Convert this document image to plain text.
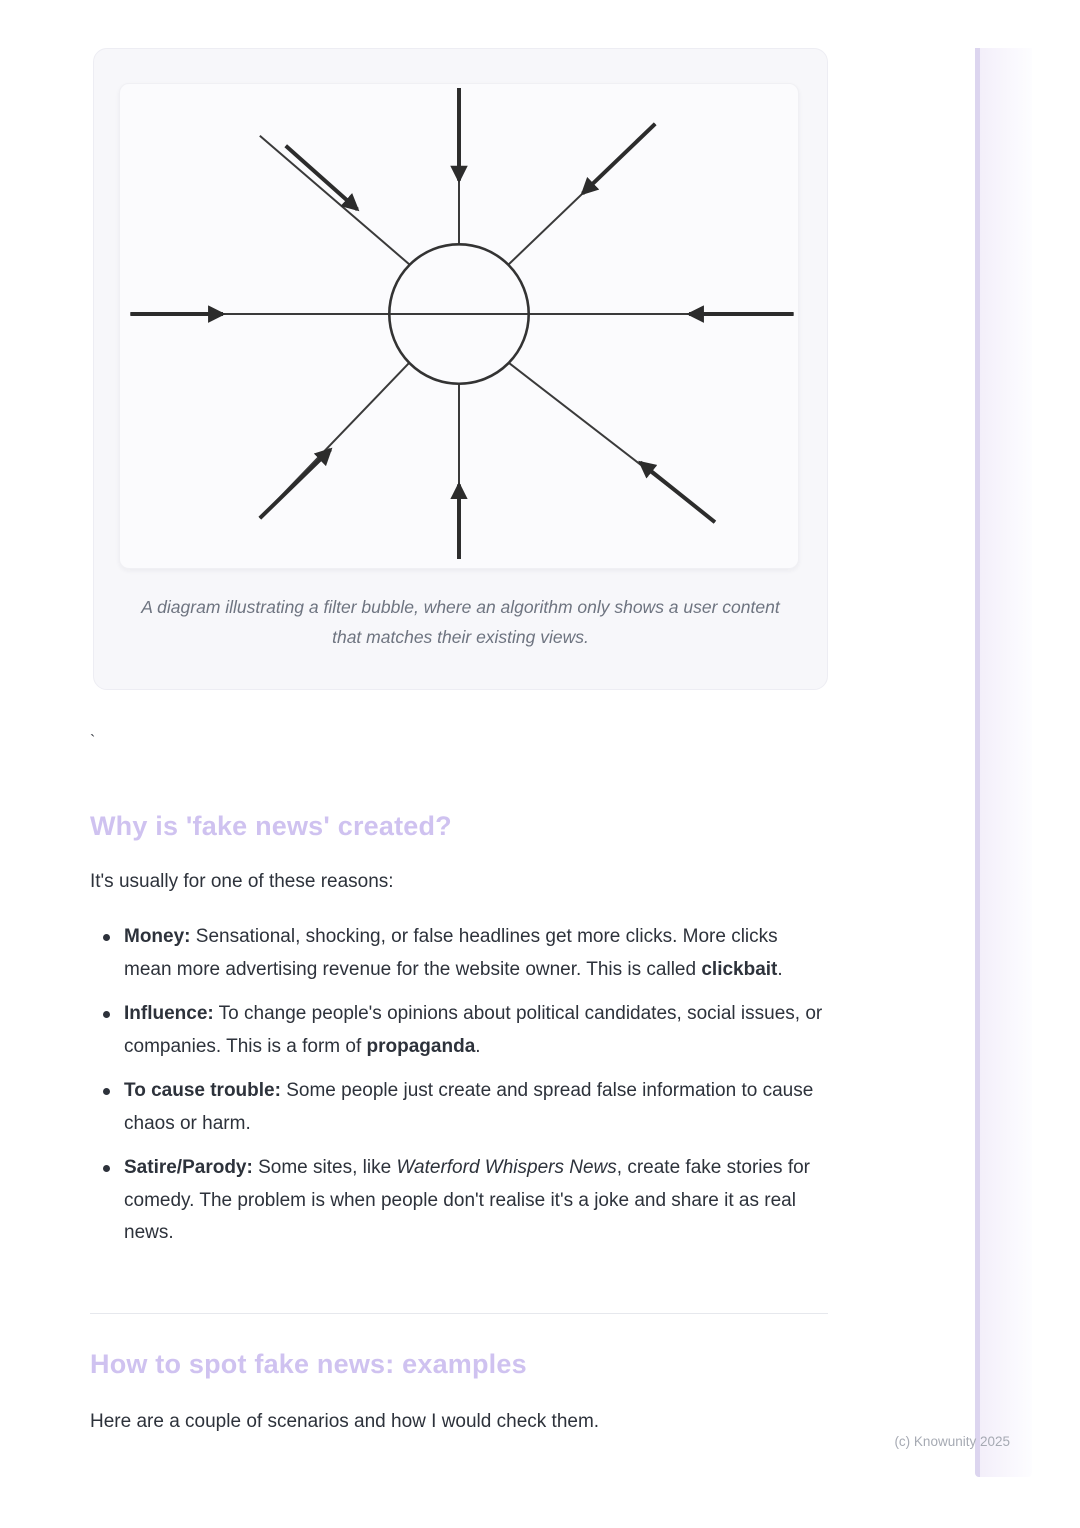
A diagram illustrating a filter bubble, where an algorithm only shows a user content that matches their existing views.
`
Why is 'fake news' created?

It's usually for one of these reasons:

Money: Sensational, shocking, or false headlines get more clicks. More clicks mean more advertising revenue for the website owner. This is called clickbait.
Influence: To change people's opinions about political candidates, social issues, or companies. This is a form of propaganda.
To cause trouble: Some people just create and spread false information to cause chaos or harm.
Satire/Parody: Some sites, like Waterford Whispers News, create fake stories for comedy. The problem is when people don't realise it's a joke and share it as real news.
How to spot fake news: examples

Here are a couple of scenarios and how I would check them.

(c) Knowunity 2025
